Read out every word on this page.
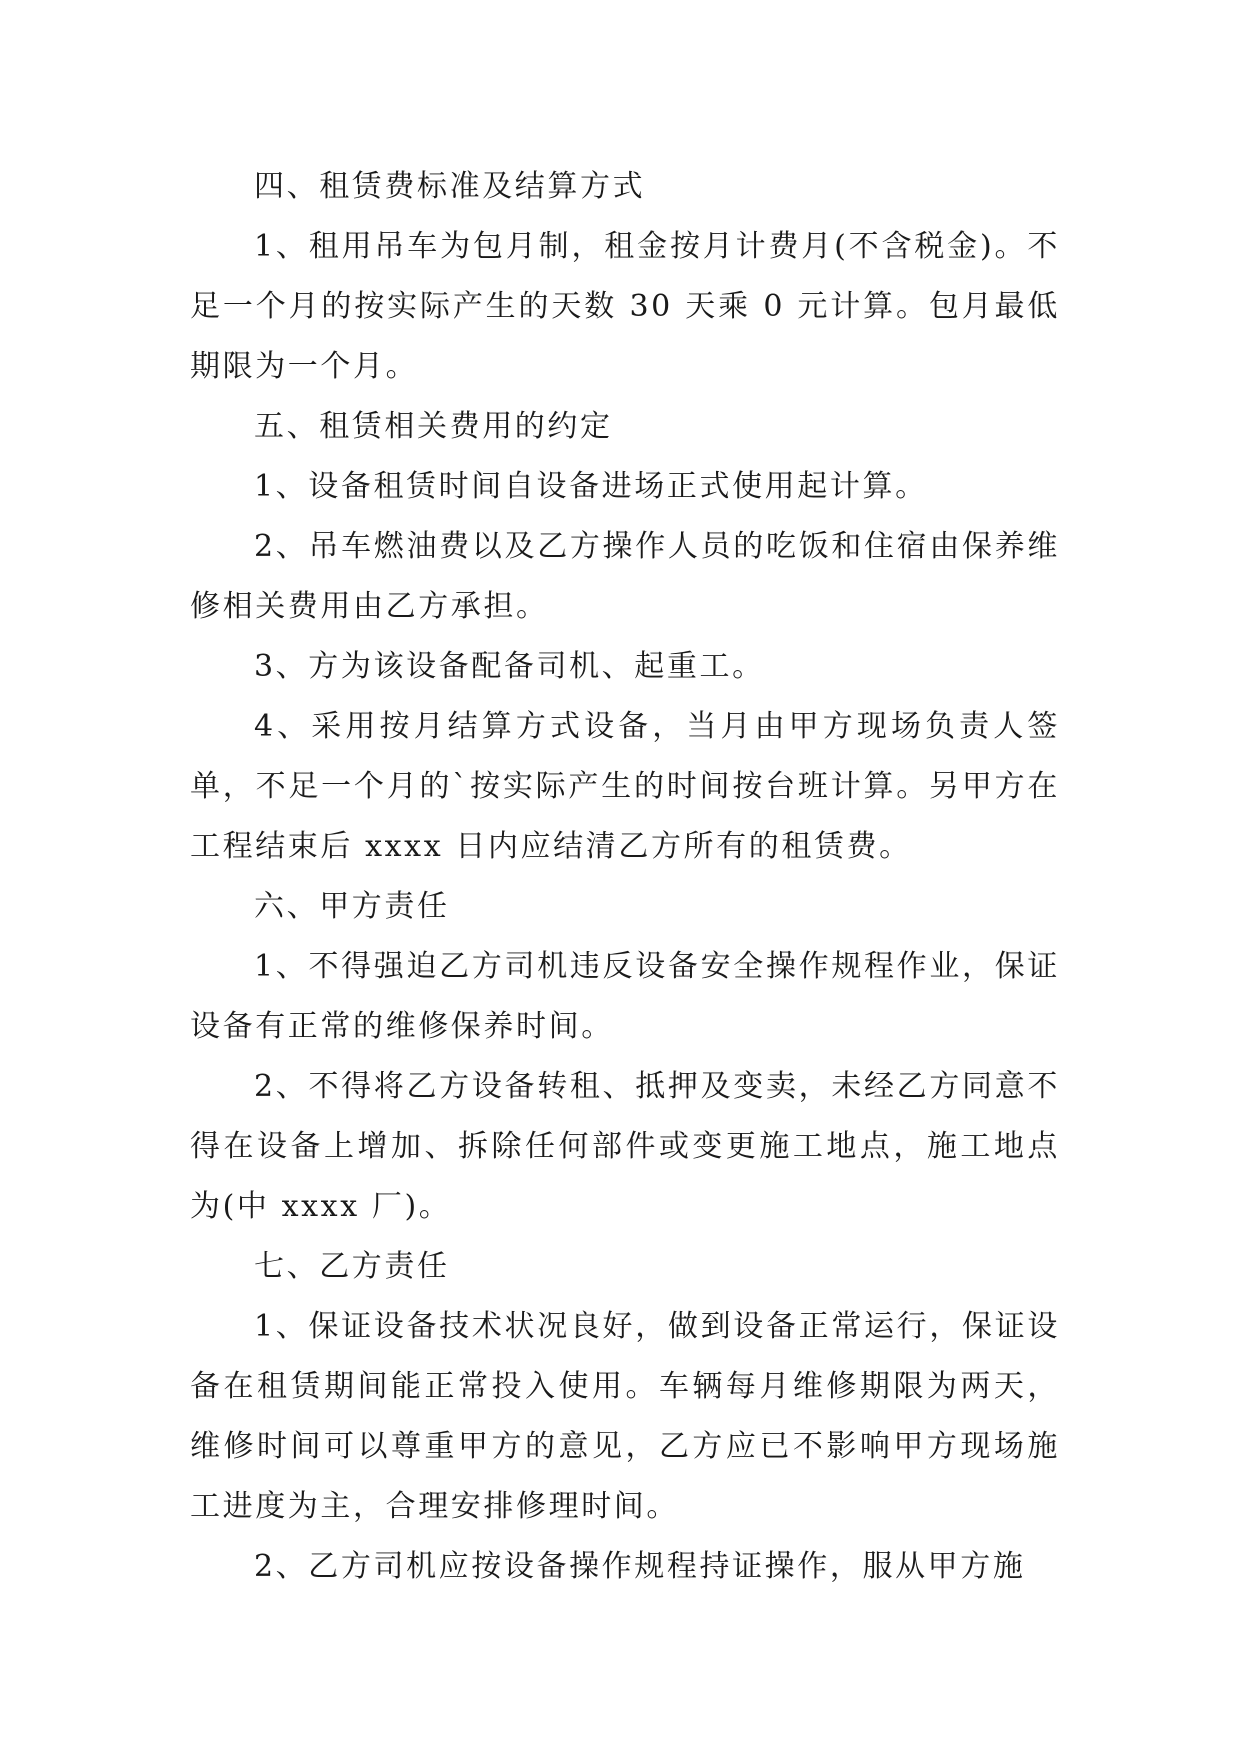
四、租赁费标准及结算方式

1、租用吊车为包月制，租金按月计费月(不含税金)。不足一个月的按实际产生的天数 30 天乘 0 元计算。包月最低期限为一个月。

五、租赁相关费用的约定

1、设备租赁时间自设备进场正式使用起计算。

2、吊车燃油费以及乙方操作人员的吃饭和住宿由保养维修相关费用由乙方承担。

3、方为该设备配备司机、起重工。

4、采用按月结算方式设备，当月由甲方现场负责人签单，不足一个月的`按实际产生的时间按台班计算。另甲方在工程结束后 xxxx 日内应结清乙方所有的租赁费。

六、甲方责任

1、不得强迫乙方司机违反设备安全操作规程作业，保证设备有正常的维修保养时间。

2、不得将乙方设备转租、抵押及变卖，未经乙方同意不得在设备上增加、拆除任何部件或变更施工地点，施工地点为(中 xxxx 厂)。

七、乙方责任

1、保证设备技术状况良好，做到设备正常运行，保证设备在租赁期间能正常投入使用。车辆每月维修期限为两天，维修时间可以尊重甲方的意见，乙方应已不影响甲方现场施工进度为主，合理安排修理时间。

2、乙方司机应按设备操作规程持证操作，服从甲方施
